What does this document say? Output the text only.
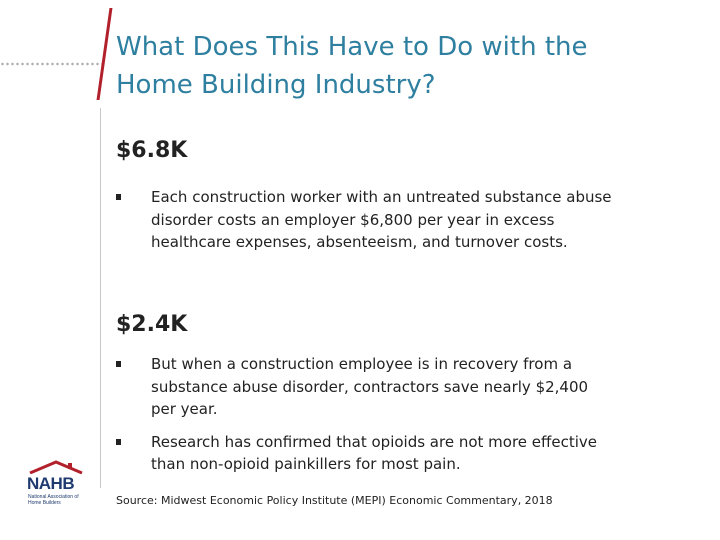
What Does This Have to Do with the
Home Building Industry?
$6.8K
Each construction worker with an untreated substance abuse disorder costs an employer $6,800 per year in excess healthcare expenses, absenteeism, and turnover costs.
$2.4K
But when a construction employee is in recovery from a substance abuse disorder, contractors save nearly $2,400 per year.
Research has confirmed that opioids are not more effective than non-opioid painkillers for most pain.
Source: Midwest Economic Policy Institute (MEPI) Economic Commentary, 2018
NAHB
National Association of Home Builders
